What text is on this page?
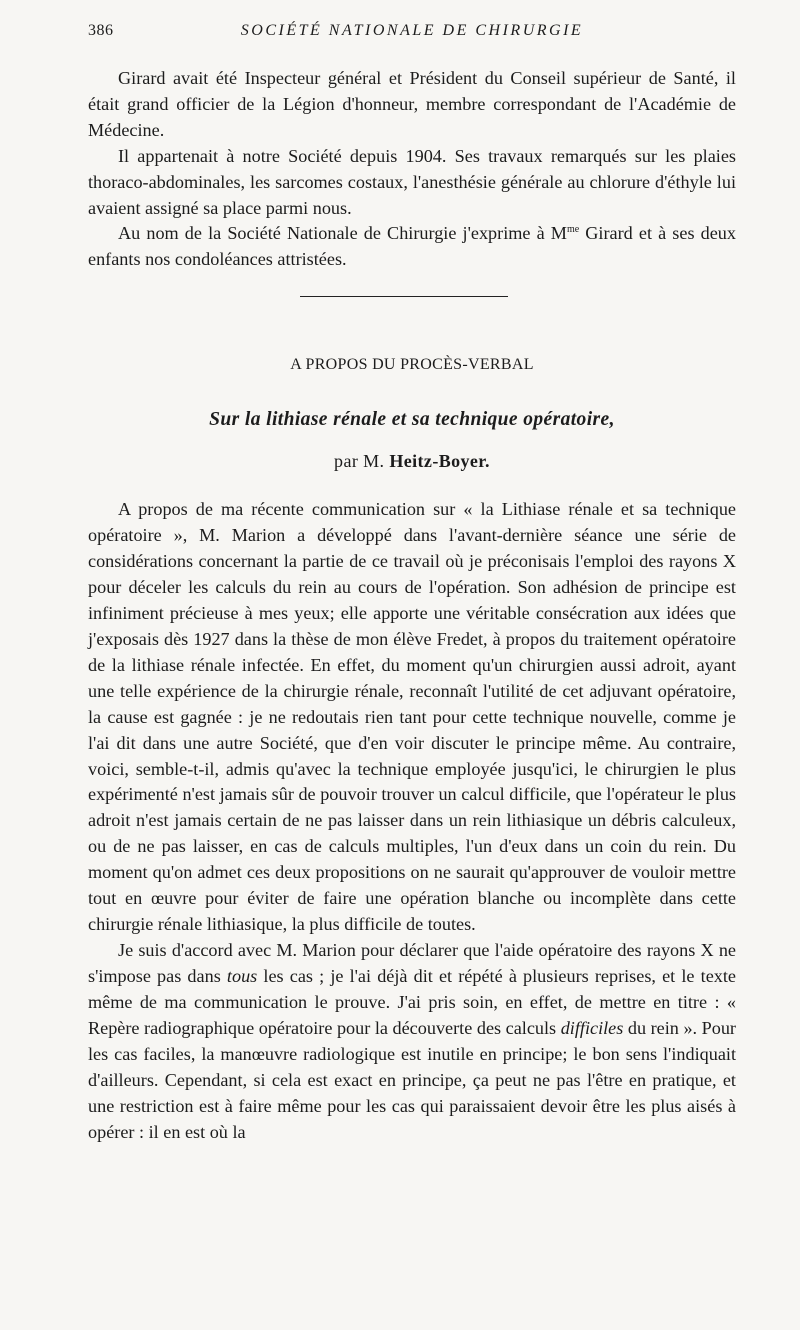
386	SOCIÉTÉ NATIONALE DE CHIRURGIE

Girard avait été Inspecteur général et Président du Conseil supérieur de Santé, il était grand officier de la Légion d'honneur, membre correspondant de l'Académie de Médecine.

Il appartenait à notre Société depuis 1904. Ses travaux remarqués sur les plaies thoraco-abdominales, les sarcomes costaux, l'anesthésie générale au chlorure d'éthyle lui avaient assigné sa place parmi nous.

Au nom de la Société Nationale de Chirurgie j'exprime à $M^{me}$ Girard et à ses deux enfants nos condoléances attristées.

A PROPOS DU PROCÈS-VERBAL
Sur la lithiase rénale et sa technique opératoire,
par M. Heitz-Boyer.

A propos de ma récente communication sur « la Lithiase rénale et sa technique opératoire », M. Marion a développé dans l'avant-dernière séance une série de considérations concernant la partie de ce travail où je préconisais l'emploi des rayons X pour déceler les calculs du rein au cours de l'opération. Son adhésion de principe est infiniment précieuse à mes yeux; elle apporte une véritable consécration aux idées que j'exposais dès 1927 dans la thèse de mon élève Fredet, à propos du traitement opératoire de la lithiase rénale infectée. En effet, du moment qu'un chirurgien aussi adroit, ayant une telle expérience de la chirurgie rénale, reconnaît l'utilité de cet adjuvant opératoire, la cause est gagnée : je ne redoutais rien tant pour cette technique nouvelle, comme je l'ai dit dans une autre Société, que d'en voir discuter le principe même. Au contraire, voici, semble-t-il, admis qu'avec la technique employée jusqu'ici, le chirurgien le plus expérimenté n'est jamais sûr de pouvoir trouver un calcul difficile, que l'opérateur le plus adroit n'est jamais certain de ne pas laisser dans un rein lithiasique un débris calculeux, ou de ne pas laisser, en cas de calculs multiples, l'un d'eux dans un coin du rein. Du moment qu'on admet ces deux propositions on ne saurait qu'approuver de vouloir mettre tout en œuvre pour éviter de faire une opération blanche ou incomplète dans cette chirurgie rénale lithiasique, la plus difficile de toutes.

Je suis d'accord avec M. Marion pour déclarer que l'aide opératoire des rayons X ne s'impose pas dans tous les cas ; je l'ai déjà dit et répété à plusieurs reprises, et le texte même de ma communication le prouve. J'ai pris soin, en effet, de mettre en titre : « Repère radiographique opératoire pour la découverte des calculs difficiles du rein ». Pour les cas faciles, la manœuvre radiologique est inutile en principe; le bon sens l'indiquait d'ailleurs. Cependant, si cela est exact en principe, ça peut ne pas l'être en pratique, et une restriction est à faire même pour les cas qui paraissaient devoir être les plus aisés à opérer : il en est où la
